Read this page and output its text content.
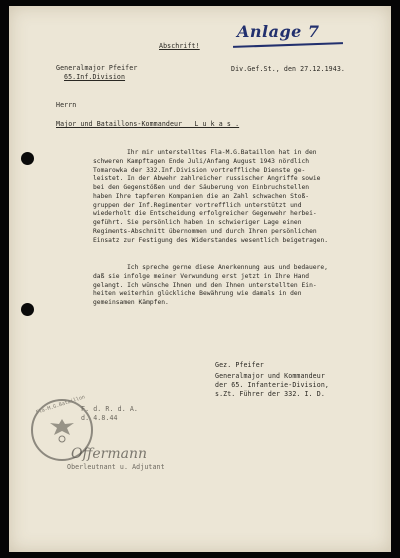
Anlage 7
Abschrift!
Generalmajor Pfeifer
65.Inf.Division
Div.Gef.St., den 27.12.1943.
Herrn
Major und Bataillons-Kommandeur   L u k a s .
Ihr mir unterstelltes Fla-M.G.Bataillon hat in den
schweren Kampftagen Ende Juli/Anfang August 1943 nördlich
Tomarowka der 332.Inf.Division vortreffliche Dienste ge-
leistet. In der Abwehr zahlreicher russischer Angriffe sowie
bei den Gegenstößen und der Säuberung von Einbruchstellen
haben Ihre tapferen Kompanien die an Zahl schwachen Stoß-
gruppen der Inf.Regimenter vortrefflich unterstützt und
wiederholt die Entscheidung erfolgreicher Gegenwehr herbei-
geführt. Sie persönlich haben in schwieriger Lage einen
Regiments-Abschnitt übernommen und durch Ihren persönlichen
Einsatz zur Festigung des Widerstandes wesentlich beigetragen.
Ich spreche gerne diese Anerkennung aus und bedauere,
daß sie infolge meiner Verwundung erst jetzt in Ihre Hand
gelangt. Ich wünsche Ihnen und den Ihnen unterstellten Ein-
heiten weiterhin glückliche Bewährung wie damals in den
gemeinsamen Kämpfen.
Gez. Pfeifer
Generalmajor und Kommandeur
der 65. Infanterie-Division,
s.Zt. Führer der 332. I. D.
Fla-M.G.Bataillon
F. d. R. d. A.
d. 4.8.44
Offermann
Oberleutnant u. Adjutant
